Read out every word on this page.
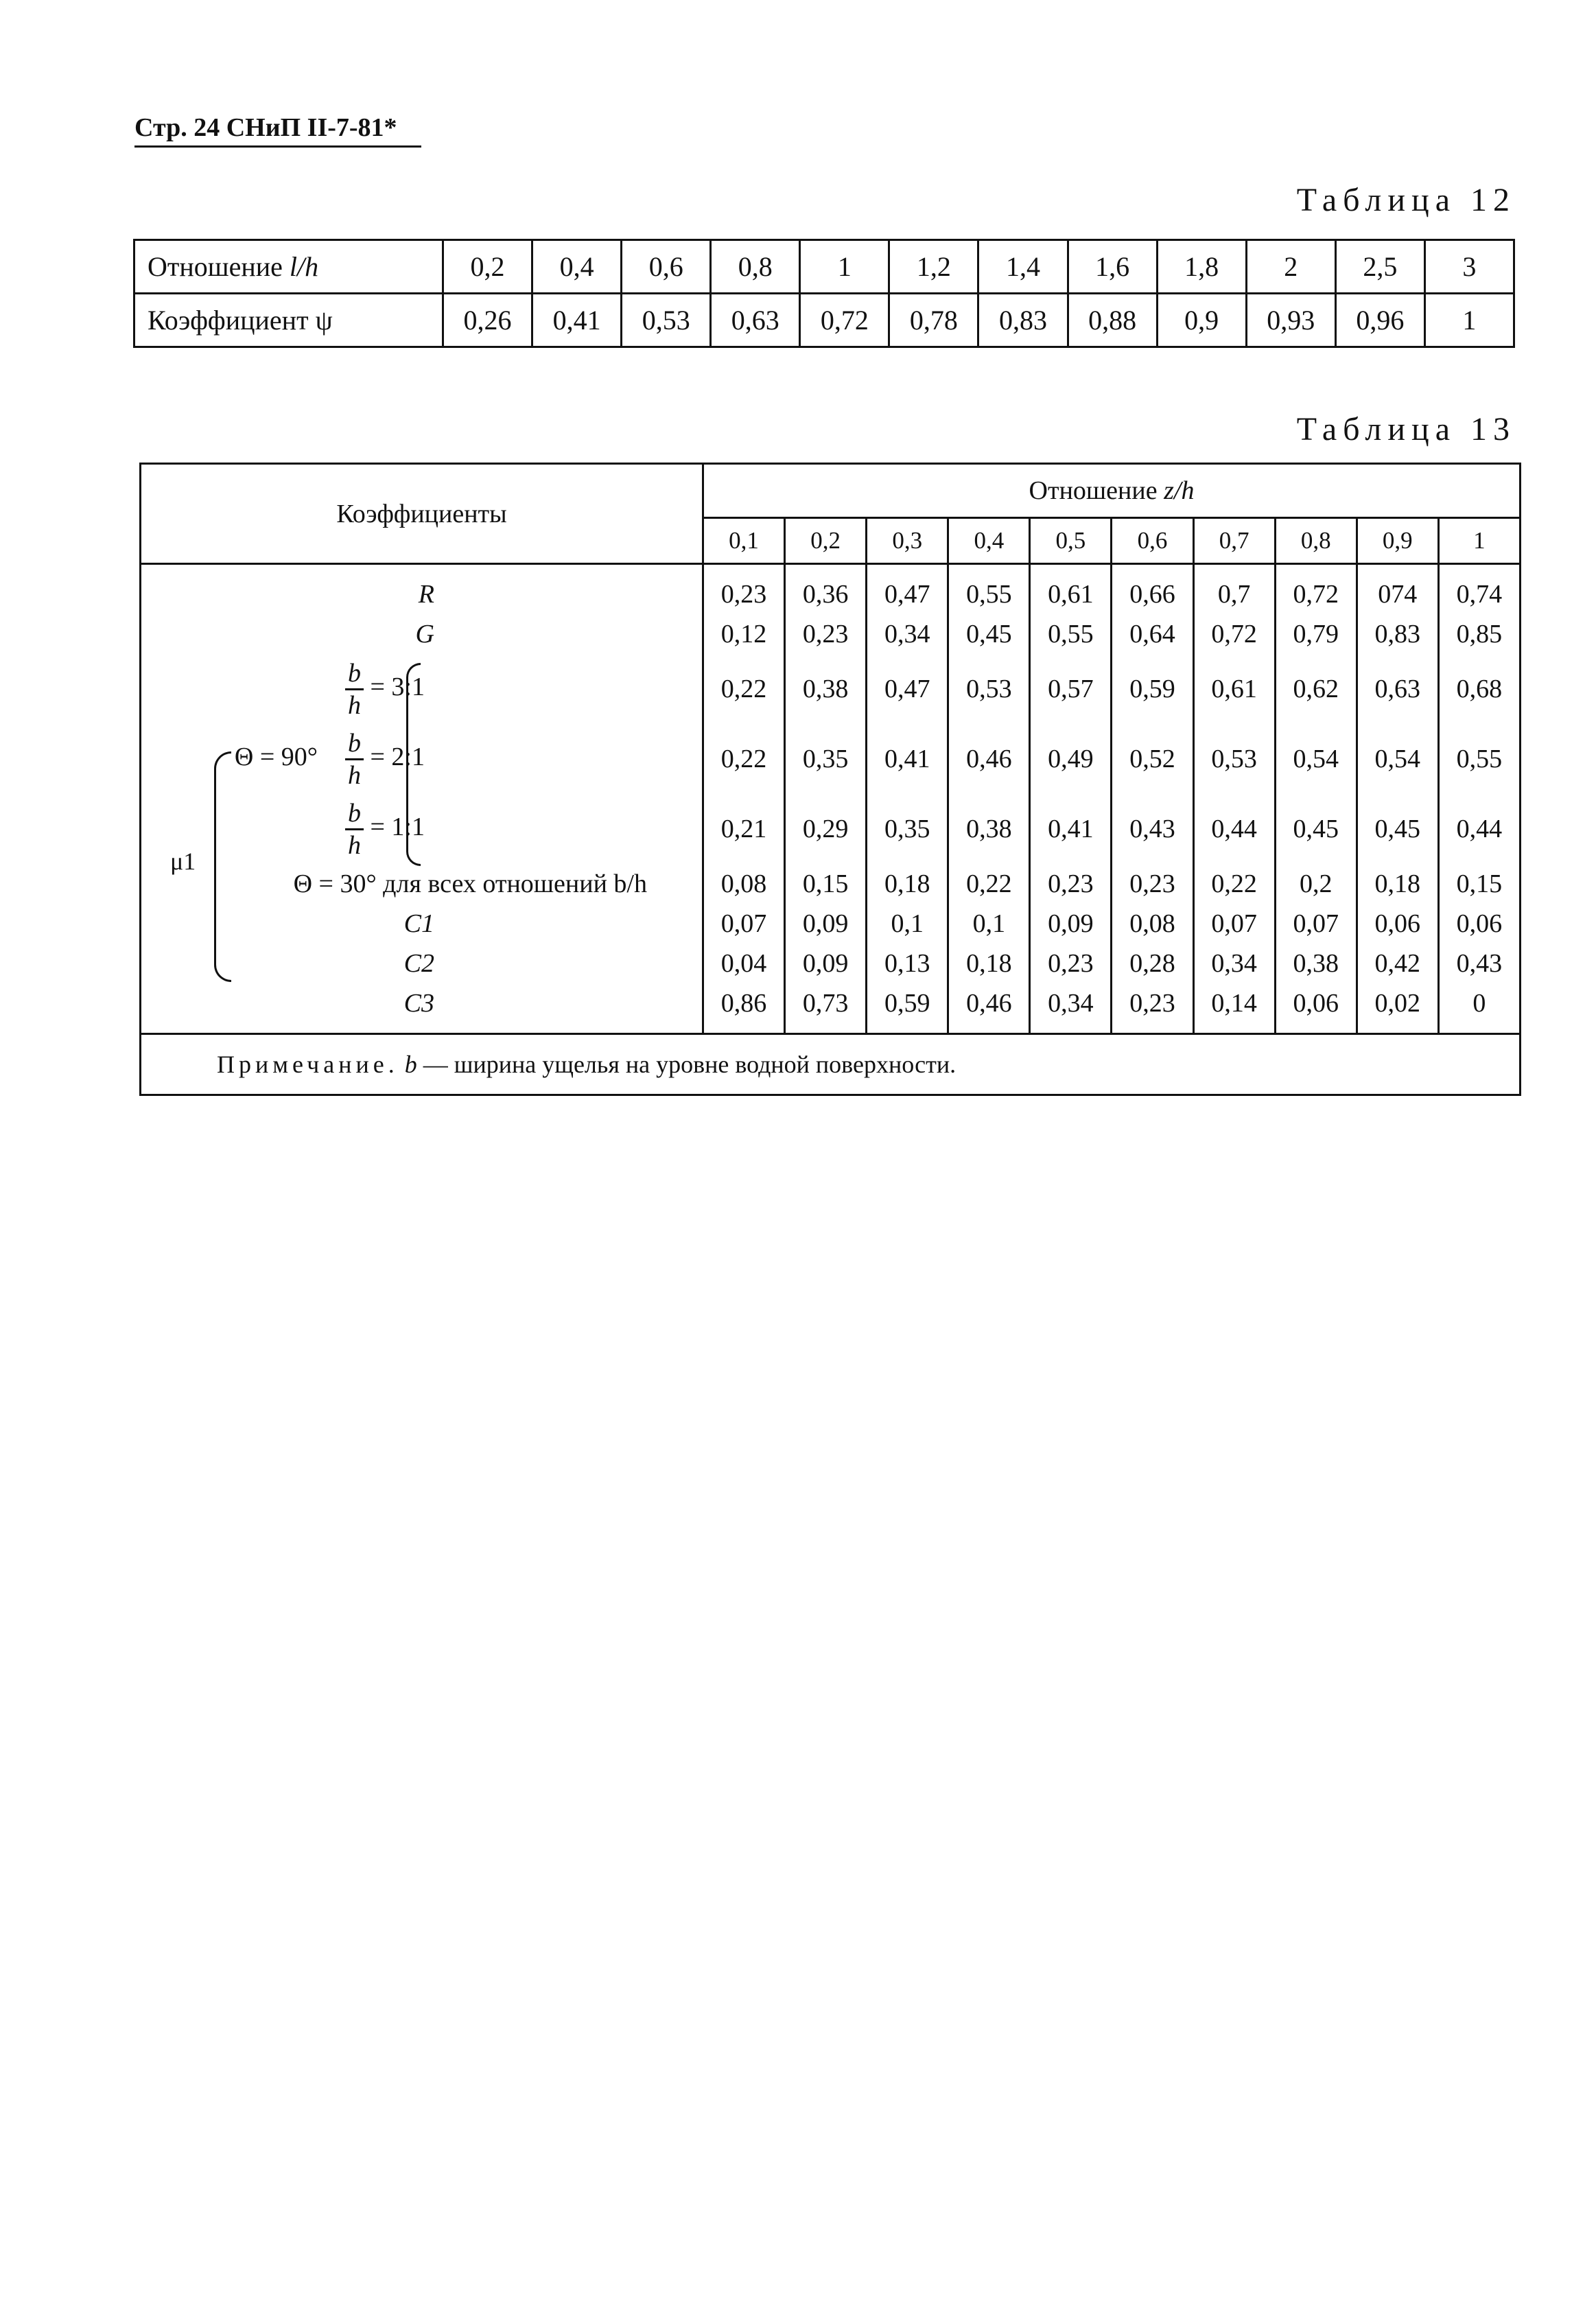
Стр. 24 СНиП II-7-81*
Таблица 12
Отношение l/h	0,2	0,4	0,6	0,8	1	1,2	1,4	1,6	1,8	2	2,5	3
Коэффициент ψ	0,26	0,41	0,53	0,63	0,72	0,78	0,83	0,88	0,9	0,93	0,96	1
Таблица 13
Коэффициенты	Отношение z/h									
	0,1	0,2	0,3	0,4	0,5	0,6	0,7	0,8	0,9	1
R	0,23	0,36	0,47	0,55	0,61	0,66	0,7	0,72	074	0,74
G	0,12	0,23	0,34	0,45	0,55	0,64	0,72	0,79	0,83	0,85

$\frac{b}{h}$ = 3:1	0,22	0,38	0,47	0,53	0,57	0,59	0,61	0,62	0,63	0,68
$\Theta = 90^\circ \frac{b}{h}$ = 2:1	0,22	0,35	0,41	0,46	0,49	0,52	0,53	0,54	0,54	0,55

$\frac{b}{h}$ = 1:1	0,21	0,29	0,35	0,38	0,41	0,43	0,44	0,45	0,45	0,44
Θ = 30° для всех отношений b/h	0,08	0,15	0,18	0,22	0,23	0,23	0,22	0,2	0,18	0,15
C1	0,07	0,09	0,1	0,1	0,09	0,08	0,07	0,07	0,06	0,06
C2	0,04	0,09	0,13	0,18	0,23	0,28	0,34	0,38	0,42	0,43
C3	0,86	0,73	0,59	0,46	0,34	0,23	0,14	0,06	0,02	0
Примечание. b — ширина ущелья на уровне водной поверхности.										
μ1
